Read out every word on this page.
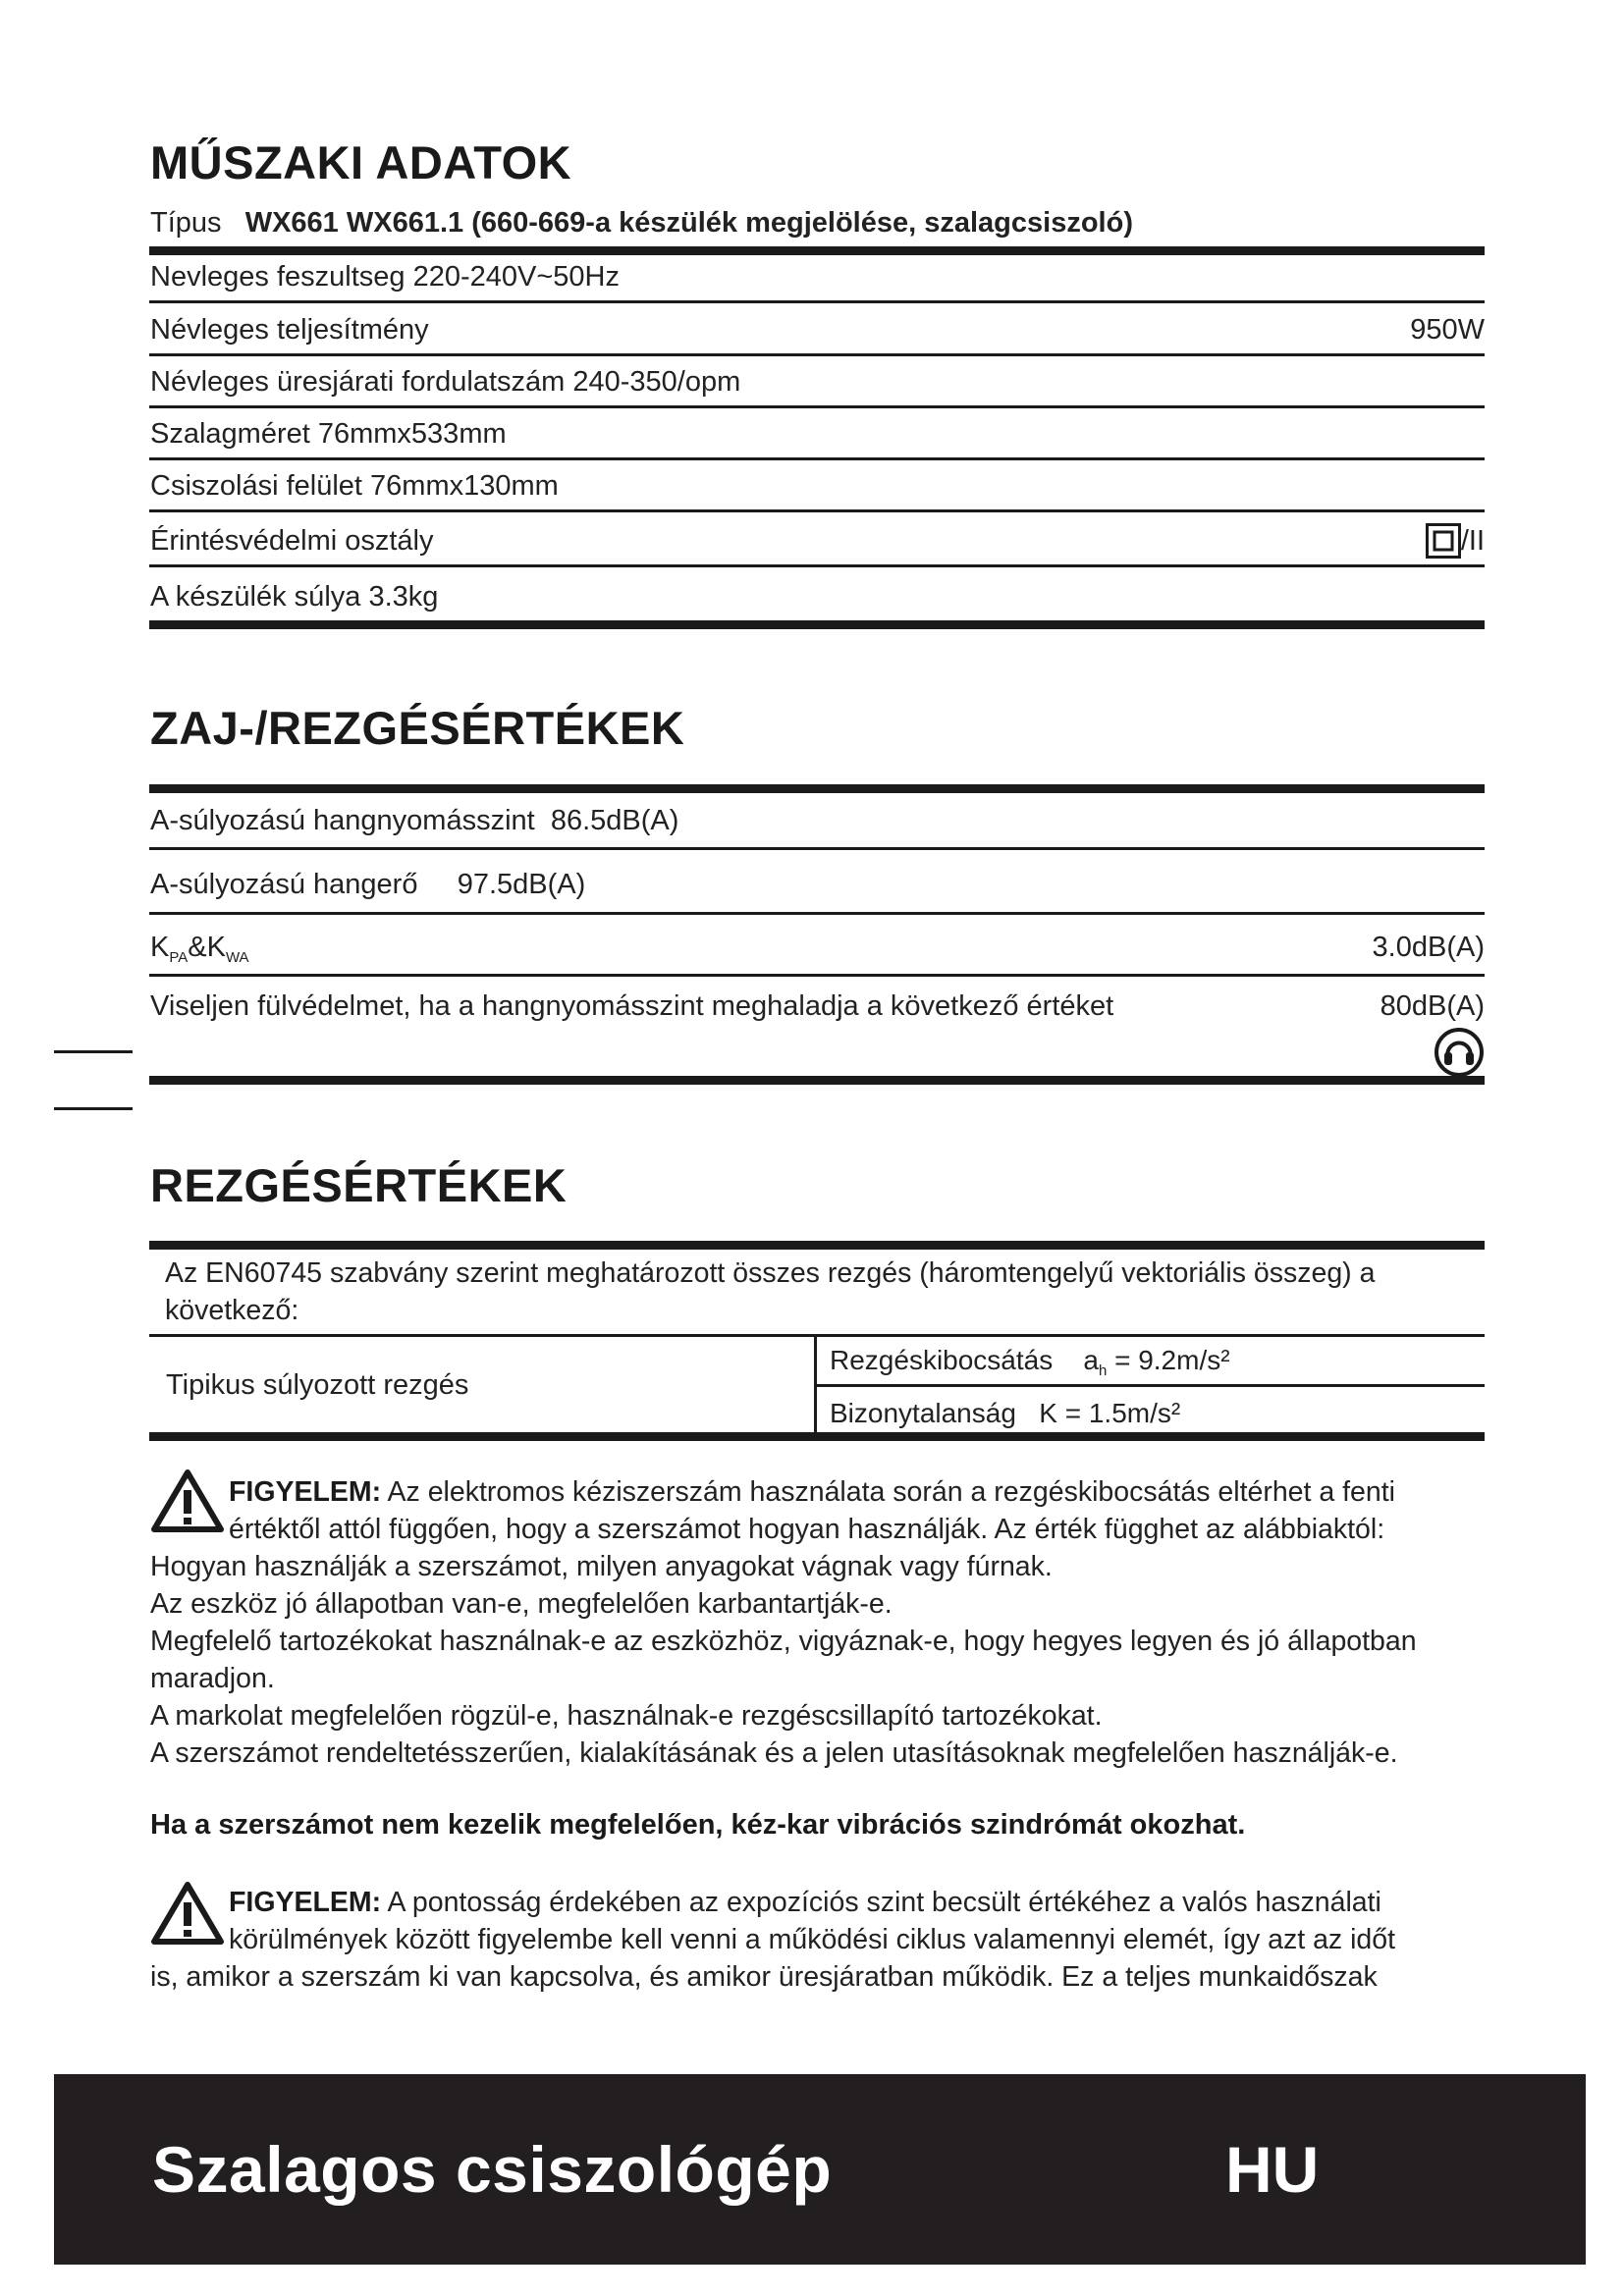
MŰSZAKI ADATOK
Típus WX661 WX661.1 (660-669-a készülék megjelölése, szalagcsiszoló)
Nevleges feszultseg 220-240V~50Hz
Névleges teljesítmény	950W
Névleges üresjárati fordulatszám 240-350/opm
Szalagméret 76mmx533mm
Csiszolási felület 76mmx130mm
Érintésvédelmi osztály	/II
A készülék súlya 3.3kg
ZAJ-/REZGÉSÉRTÉKEK
A-súlyozású hangnyomásszint  86.5dB(A)
A-súlyozású hangerő     97.5dB(A)
$K_{PA}\&K_{WA}$	3.0dB(A)
Viseljen fülvédelmet, ha a hangnyomásszint meghaladja a következő értéket	80dB(A)
REZGÉSÉRTÉKEK
Az EN60745 szabvány szerint meghatározott összes rezgés (háromtengelyű vektoriális összeg) a
következő:
Tipikus súlyozott rezgés
Rezgéskibocsátás $a_h = 9.2m/s^2$
Bizonytalanság K = 1.5m/s²
FIGYELEM: Az elektromos kéziszerszám használata során a rezgéskibocsátás eltérhet a fenti
értéktől attól függően, hogy a szerszámot hogyan használják. Az érték függhet az alábbiaktól:
Hogyan használják a szerszámot, milyen anyagokat vágnak vagy fúrnak.
Az eszköz jó állapotban van-e, megfelelően karbantartják-e.
Megfelelő tartozékokat használnak-e az eszközhöz, vigyáznak-e, hogy hegyes legyen és jó állapotban
maradjon.
A markolat megfelelően rögzül-e, használnak-e rezgéscsillapító tartozékokat.
A szerszámot rendeltetésszerűen, kialakításának és a jelen utasításoknak megfelelően használják-e.
Ha a szerszámot nem kezelik megfelelően, kéz-kar vibrációs szindrómát okozhat.
FIGYELEM: A pontosság érdekében az expozíciós szint becsült értékéhez a valós használati
körülmények között figyelembe kell venni a működési ciklus valamennyi elemét, így azt az időt
is, amikor a szerszám ki van kapcsolva, és amikor üresjáratban működik. Ez a teljes munkaidőszak
Szalagos csiszológép	HU
